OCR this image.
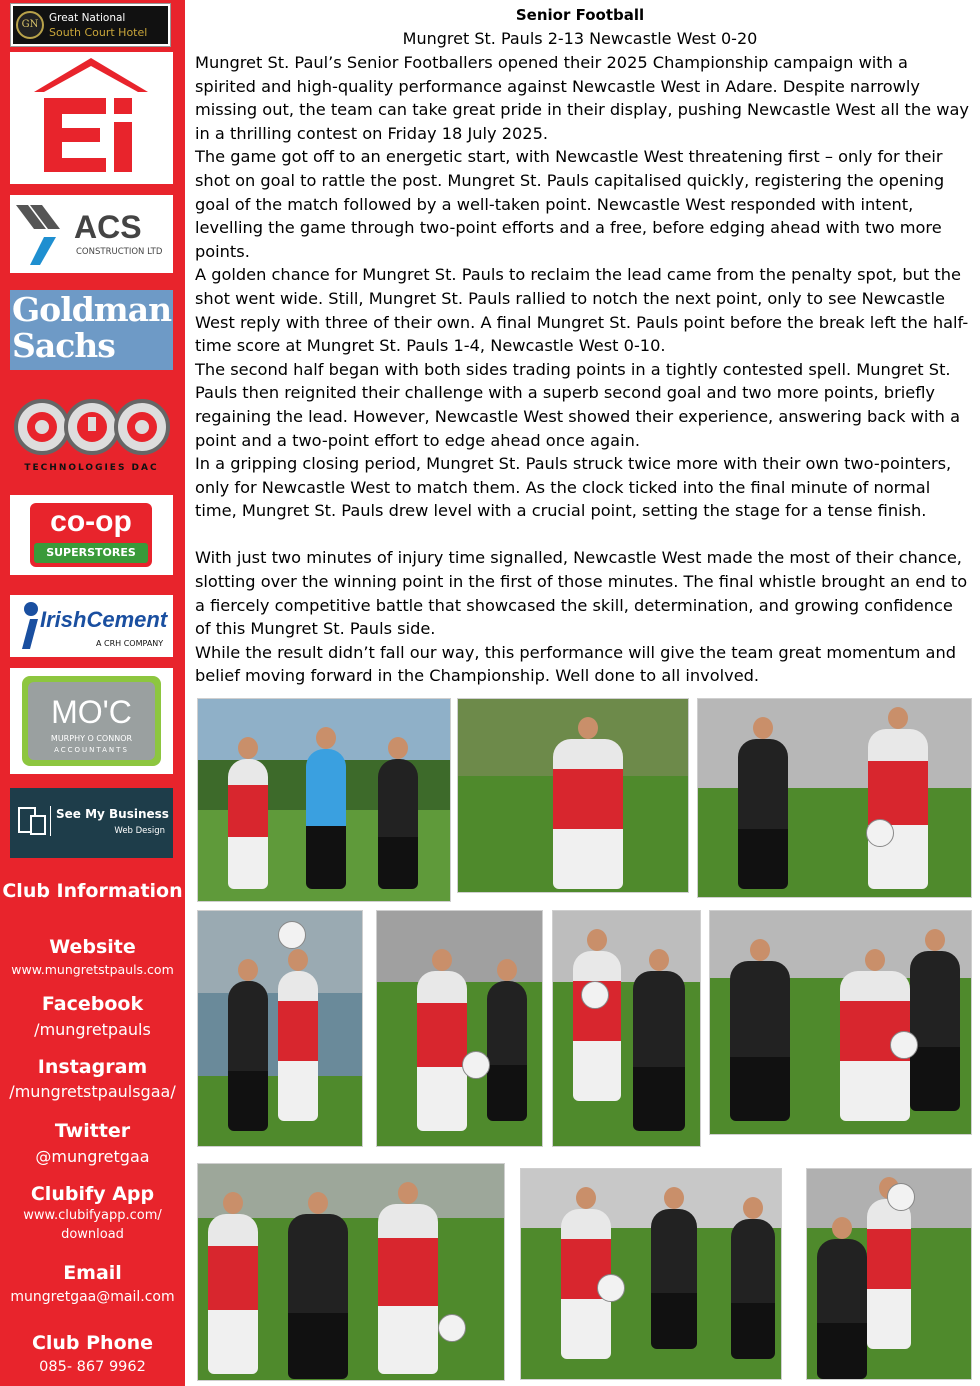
GN
Great National
South Court Hotel
ACS
CONSTRUCTION LTD
Goldman
Sachs
TECHNOLOGIES DAC
co-op
SUPERSTORES
IrishCement
A CRH COMPANY
MO'C
MURPHY O CONNOR
ACCOUNTANTS
See My Business
Web Design
Club Information
Website
www.mungretstpauls.com
Facebook
/mungretpauls
Instagram
/mungretstpaulsgaa/
Twitter
@mungretgaa
Clubify App
www.clubifyapp.com/
download
Email
mungretgaa@mail.com
Club Phone
085- 867 9962
Senior Football
Mungret St. Pauls 2-13 Newcastle West 0-20

Mungret St. Paul’s Senior Footballers opened their 2025 Championship campaign with a spirited and high-quality performance against Newcastle West in Adare. Despite narrowly missing out, the team can take great pride in their display, pushing Newcastle West all the way in a thrilling contest on Friday 18 July 2025.

The game got off to an energetic start, with Newcastle West threatening first – only for their shot on goal to rattle the post. Mungret St. Pauls capitalised quickly, registering the opening goal of the match followed by a well-taken point. Newcastle West responded with intent, levelling the game through two-point efforts and a free, before edging ahead with two more points.

A golden chance for Mungret St. Pauls to reclaim the lead came from the penalty spot, but the shot went wide. Still, Mungret St. Pauls rallied to notch the next point, only to see Newcastle West reply with three of their own. A final Mungret St. Pauls point before the break left the half-time score at Mungret St. Pauls 1-4, Newcastle West 0-10.

The second half began with both sides trading points in a tightly contested spell. Mungret St. Pauls then reignited their challenge with a superb second goal and two more points, briefly regaining the lead. However, Newcastle West showed their experience, answering back with a point and a two-point effort to edge ahead once again.

In a gripping closing period, Mungret St. Pauls struck twice more with their own two-pointers, only for Newcastle West to match them. As the clock ticked into the final minute of normal time, Mungret St. Pauls drew level with a crucial point, setting the stage for a tense finish.

With just two minutes of injury time signalled, Newcastle West made the most of their chance, slotting over the winning point in the first of those minutes. The final whistle brought an end to a fiercely competitive battle that showcased the skill, determination, and growing confidence of this Mungret St. Pauls side.

While the result didn’t fall our way, this performance will give the team great momentum and belief moving forward in the Championship. Well done to all involved.
